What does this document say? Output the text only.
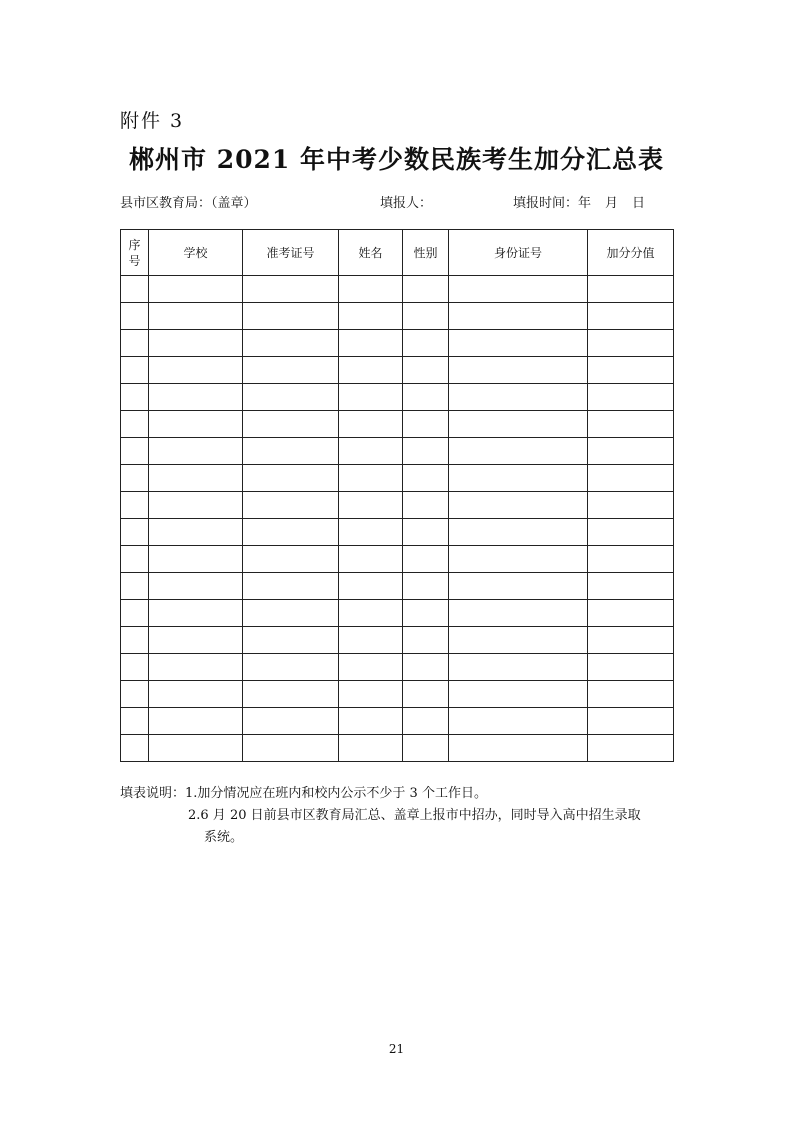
附件 3
郴州市 2021 年中考少数民族考生加分汇总表
县市区教育局：（盖章）	填报人：	填报时间：年 月 日
序号	学校	准考证号	姓名	性别	身份证号	加分分值

填表说明：1.加分情况应在班内和校内公示不少于 3 个工作日。
2.6 月 20 日前县市区教育局汇总、盖章上报市中招办，同时导入高中招生录取
系统。
21
